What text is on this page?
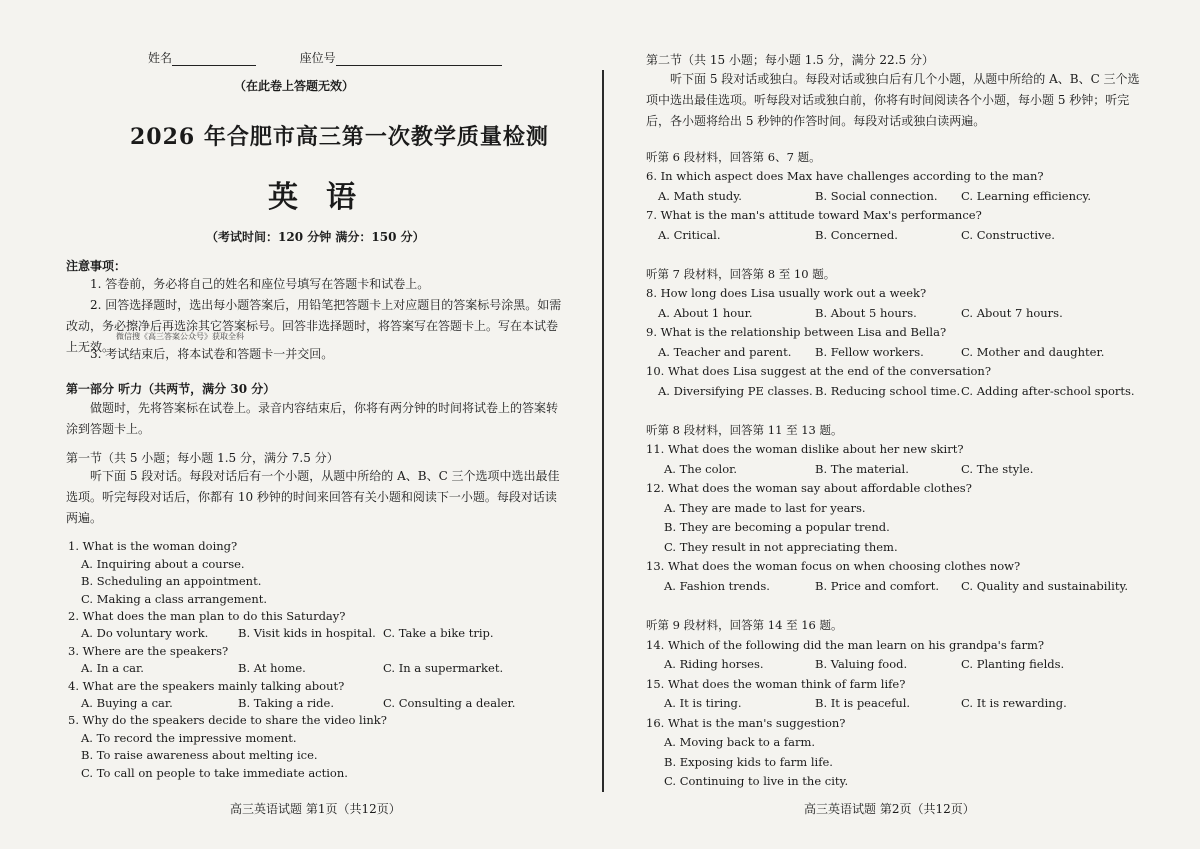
姓名	座位号
（在此卷上答题无效）
2026 年合肥市高三第一次教学质量检测
英语
（考试时间：120 分钟 满分：150 分）
注意事项：
1. 答卷前，务必将自己的姓名和座位号填写在答题卡和试卷上。
2. 回答选择题时，选出每小题答案后，用铅笔把答题卡上对应题目的答案标号涂黑。如需改动，务必擦净后再选涂其它答案标号。回答非选择题时，将答案写在答题卡上。写在本试卷上无效。
微信搜《高三答案公众号》获取全科
3. 考试结束后，将本试卷和答题卡一并交回。
第一部分 听力（共两节，满分 30 分）
做题时，先将答案标在试卷上。录音内容结束后，你将有两分钟的时间将试卷上的答案转涂到答题卡上。
第一节（共 5 小题；每小题 1.5 分，满分 7.5 分）
听下面 5 段对话。每段对话后有一个小题，从题中所给的 A、B、C 三个选项中选出最佳选项。听完每段对话后，你都有 10 秒钟的时间来回答有关小题和阅读下一小题。每段对话读两遍。
1. What is the woman doing?
A. Inquiring about a course.
B. Scheduling an appointment.
C. Making a class arrangement.
2. What does the man plan to do this Saturday?
A. Do voluntary work.	B. Visit kids in hospital. C. Take a bike trip.
3. Where are the speakers?
A. In a car.	B. At home.	C. In a supermarket.
4. What are the speakers mainly talking about?
A. Buying a car.	B. Taking a ride.	C. Consulting a dealer.
5. Why do the speakers decide to share the video link?
A. To record the impressive moment.
B. To raise awareness about melting ice.
C. To call on people to take immediate action.
高三英语试题 第1页（共12页）
第二节（共 15 小题；每小题 1.5 分，满分 22.5 分）
听下面 5 段对话或独白。每段对话或独白后有几个小题，从题中所给的 A、B、C 三个选项中选出最佳选项。听每段对话或独白前，你将有时间阅读各个小题，每小题 5 秒钟；听完后，各小题将给出 5 秒钟的作答时间。每段对话或独白读两遍。
听第 6 段材料，回答第 6、7 题。
6. In which aspect does Max have challenges according to the man?
A. Math study.	B. Social connection. C. Learning efficiency.
7. What is the man's attitude toward Max's performance?
A. Critical.	B. Concerned.	C. Constructive.
听第 7 段材料，回答第 8 至 10 题。
8. How long does Lisa usually work out a week?
A. About 1 hour.	B. About 5 hours.	C. About 7 hours.
9. What is the relationship between Lisa and Bella?
A. Teacher and parent. B. Fellow workers.	C. Mother and daughter.
10. What does Lisa suggest at the end of the conversation?
A. Diversifying PE classes. B. Reducing school time. C. Adding after-school sports.
听第 8 段材料，回答第 11 至 13 题。
11. What does the woman dislike about her new skirt?
A. The color.	B. The material.	C. The style.
12. What does the woman say about affordable clothes?
A. They are made to last for years.
B. They are becoming a popular trend.
C. They result in not appreciating them.
13. What does the woman focus on when choosing clothes now?
A. Fashion trends.	B. Price and comfort. C. Quality and sustainability.
听第 9 段材料，回答第 14 至 16 题。
14. Which of the following did the man learn on his grandpa's farm?
A. Riding horses.	B. Valuing food.	C. Planting fields.
15. What does the woman think of farm life?
A. It is tiring.	B. It is peaceful.	C. It is rewarding.
16. What is the man's suggestion?
A. Moving back to a farm.
B. Exposing kids to farm life.
C. Continuing to live in the city.
高三英语试题 第2页（共12页）
